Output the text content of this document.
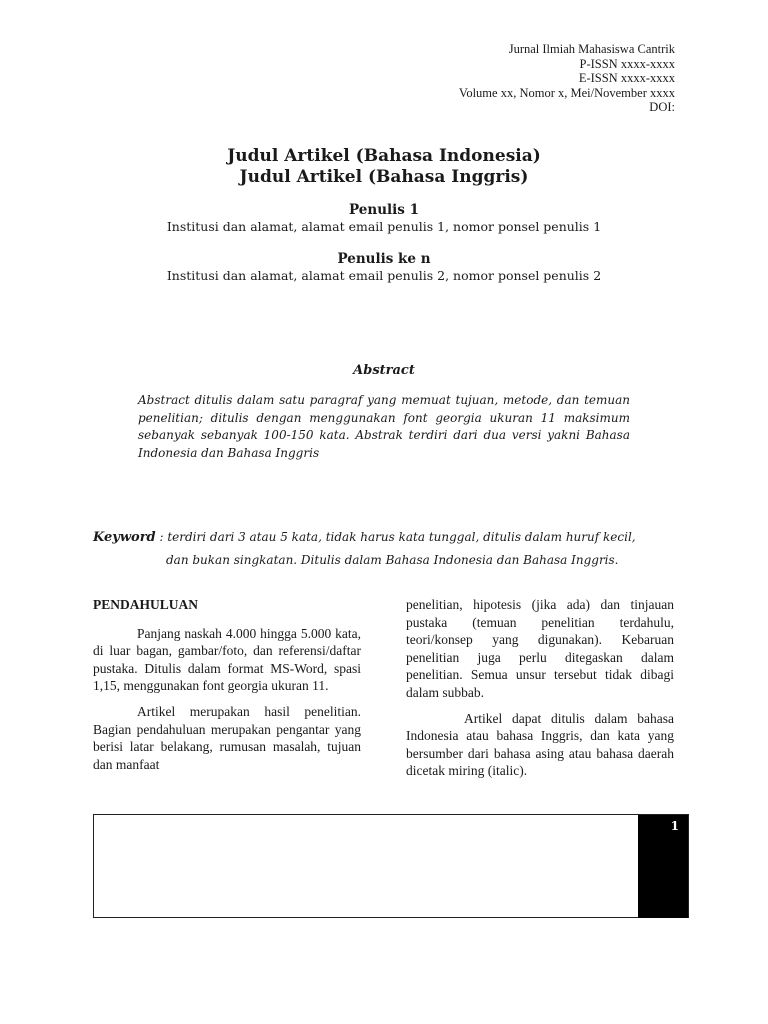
Jurnal Ilmiah Mahasiswa Cantrik
P-ISSN xxxx-xxxx
E-ISSN xxxx-xxxx
Volume xx, Nomor x, Mei/November xxxx
DOI:
Judul Artikel (Bahasa Indonesia)
Judul Artikel (Bahasa Inggris)
Penulis 1
Institusi dan alamat, alamat email penulis 1, nomor ponsel penulis 1
Penulis ke n
Institusi dan alamat, alamat email penulis 2, nomor ponsel penulis 2
Abstract
Abstract ditulis dalam satu paragraf yang memuat tujuan, metode, dan temuan penelitian; ditulis dengan menggunakan font georgia ukuran 11 maksimum sebanyak sebanyak 100-150 kata. Abstrak terdiri dari dua versi yakni Bahasa Indonesia dan Bahasa Inggris
Keyword : terdiri dari 3 atau 5 kata, tidak harus kata tunggal, ditulis dalam huruf kecil,
dan bukan singkatan. Ditulis dalam Bahasa Indonesia dan Bahasa Inggris.
PENDAHULUAN

Panjang naskah 4.000 hingga 5.000 kata, di luar bagan, gambar/foto, dan referensi/daftar pustaka. Ditulis dalam format MS-Word, spasi 1,15, menggunakan font georgia ukuran 11.

Artikel merupakan hasil penelitian. Bagian pendahuluan merupakan pengantar yang berisi latar belakang, rumusan masalah, tujuan dan manfaat

penelitian, hipotesis (jika ada) dan tinjauan pustaka (temuan penelitian terdahulu, teori/konsep yang digunakan). Kebaruan penelitian juga perlu ditegaskan dalam penelitian. Semua unsur tersebut tidak dibagi dalam subbab.

Artikel dapat ditulis dalam bahasa Indonesia atau bahasa Inggris, dan kata yang bersumber dari bahasa asing atau bahasa daerah dicetak miring (italic).

1
